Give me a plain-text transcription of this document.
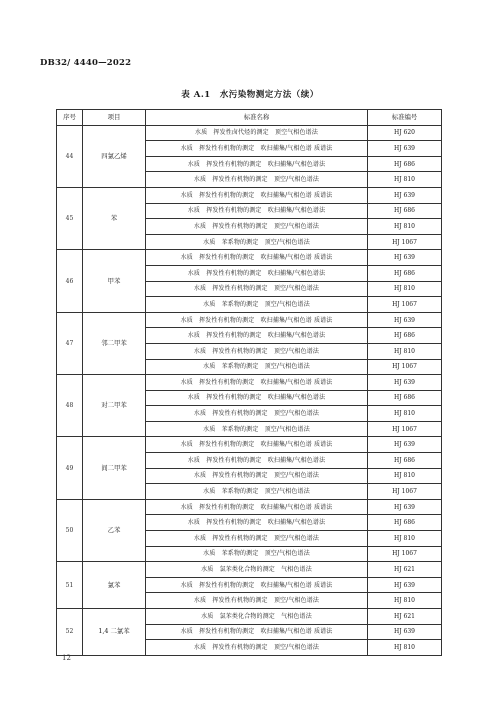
DB32/ 4440—2022
表 A.1　水污染物测定方法（续）
序号	项目	标准名称	标准编号
44	四氯乙烯	水质　挥发性卤代烃的测定　顶空气相色谱法	HJ 620
		水质　挥发性有机物的测定　吹扫捕集/气相色谱 质谱法	HJ 639
		水质　挥发性有机物的测定　吹扫捕集/气相色谱法	HJ 686
		水质　挥发性有机物的测定　顶空/气相色谱法	HJ 810
45	苯	水质　挥发性有机物的测定　吹扫捕集/气相色谱 质谱法	HJ 639
		水质　挥发性有机物的测定　吹扫捕集/气相色谱法	HJ 686
		水质　挥发性有机物的测定　顶空/气相色谱法	HJ 810
		水质　苯系物的测定　顶空/气相色谱法	HJ 1067
46	甲苯	水质　挥发性有机物的测定　吹扫捕集/气相色谱 质谱法	HJ 639
		水质　挥发性有机物的测定　吹扫捕集/气相色谱法	HJ 686
		水质　挥发性有机物的测定　顶空/气相色谱法	HJ 810
		水质　苯系物的测定　顶空/气相色谱法	HJ 1067
47	邻二甲苯	水质　挥发性有机物的测定　吹扫捕集/气相色谱 质谱法	HJ 639
		水质　挥发性有机物的测定　吹扫捕集/气相色谱法	HJ 686
		水质　挥发性有机物的测定　顶空/气相色谱法	HJ 810
		水质　苯系物的测定　顶空/气相色谱法	HJ 1067
48	对二甲苯	水质　挥发性有机物的测定　吹扫捕集/气相色谱 质谱法	HJ 639
		水质　挥发性有机物的测定　吹扫捕集/气相色谱法	HJ 686
		水质　挥发性有机物的测定　顶空/气相色谱法	HJ 810
		水质　苯系物的测定　顶空/气相色谱法	HJ 1067
49	间二甲苯	水质　挥发性有机物的测定　吹扫捕集/气相色谱 质谱法	HJ 639
		水质　挥发性有机物的测定　吹扫捕集/气相色谱法	HJ 686
		水质　挥发性有机物的测定　顶空/气相色谱法	HJ 810
		水质　苯系物的测定　顶空/气相色谱法	HJ 1067
50	乙苯	水质　挥发性有机物的测定　吹扫捕集/气相色谱 质谱法	HJ 639
		水质　挥发性有机物的测定　吹扫捕集/气相色谱法	HJ 686
		水质　挥发性有机物的测定　顶空/气相色谱法	HJ 810
		水质　苯系物的测定　顶空/气相色谱法	HJ 1067
51	氯苯	水质　氯苯类化合物的测定　气相色谱法	HJ 621
		水质　挥发性有机物的测定　吹扫捕集/气相色谱 质谱法	HJ 639
		水质　挥发性有机物的测定　顶空/气相色谱法	HJ 810
52	1,4 二氯苯	水质　氯苯类化合物的测定　气相色谱法	HJ 621
		水质　挥发性有机物的测定　吹扫捕集/气相色谱 质谱法	HJ 639
		水质　挥发性有机物的测定　顶空/气相色谱法	HJ 810
12
